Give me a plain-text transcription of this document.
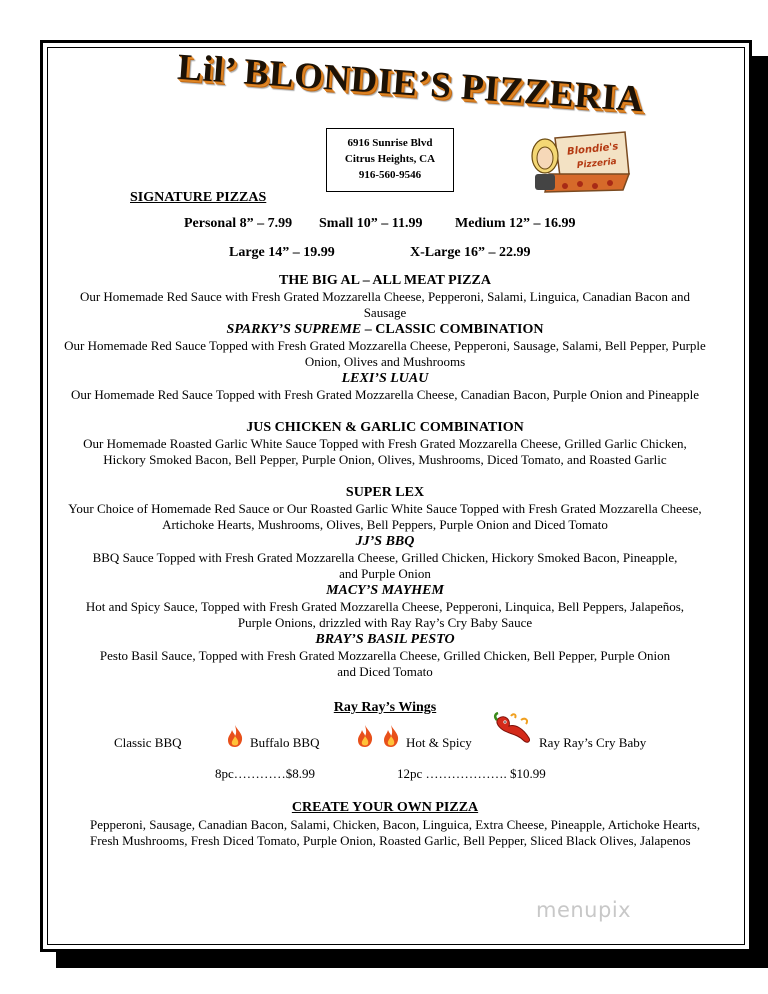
Lil’ BLONDIE’S PIZZERIA
6916 Sunrise Blvd
Citrus Heights, CA
916-560-9546
Blondie's
Pizzeria
SIGNATURE PIZZAS
Personal 8” – 7.99 Small 10” – 11.99 Medium 12” – 16.99
Large 14” – 19.99	X-Large 16” – 22.99
THE BIG AL – ALL MEAT PIZZA
Our Homemade Red Sauce with Fresh Grated Mozzarella Cheese, Pepperoni, Salami, Linguica, Canadian Bacon and Sausage
SPARKY’S SUPREME – CLASSIC COMBINATION
Our Homemade Red Sauce Topped with Fresh Grated Mozzarella Cheese, Pepperoni, Sausage, Salami, Bell Pepper, Purple Onion, Olives and Mushrooms
LEXI’S LUAU
Our Homemade Red Sauce Topped with Fresh Grated Mozzarella Cheese, Canadian Bacon, Purple Onion and Pineapple
JUS CHICKEN & GARLIC COMBINATION
Our Homemade Roasted Garlic White Sauce Topped with Fresh Grated Mozzarella Cheese, Grilled Garlic Chicken, Hickory Smoked Bacon, Bell Pepper, Purple Onion, Olives, Mushrooms, Diced Tomato, and Roasted Garlic
SUPER LEX
Your Choice of Homemade Red Sauce or Our Roasted Garlic White Sauce Topped with Fresh Grated Mozzarella Cheese, Artichoke Hearts, Mushrooms, Olives, Bell Peppers, Purple Onion and Diced Tomato
JJ’S BBQ
BBQ Sauce Topped with Fresh Grated Mozzarella Cheese, Grilled Chicken, Hickory Smoked Bacon, Pineapple, and Purple Onion
MACY’S MAYHEM
Hot and Spicy Sauce, Topped with Fresh Grated Mozzarella Cheese, Pepperoni, Linquica, Bell Peppers, Jalapeños, Purple Onions, drizzled with Ray Ray’s Cry Baby Sauce
BRAY’S BASIL PESTO
Pesto Basil Sauce, Topped with Fresh Grated Mozzarella Cheese, Grilled Chicken, Bell Pepper, Purple Onion and Diced Tomato
Ray Ray’s Wings
Classic BBQ	Buffalo BBQ	Hot & Spicy	Ray Ray’s Cry Baby
8pc…………$8.99	12pc ………………. $10.99
CREATE YOUR OWN PIZZA
Pepperoni, Sausage, Canadian Bacon, Salami, Chicken, Bacon, Linguica, Extra Cheese, Pineapple, Artichoke Hearts, Fresh Mushrooms, Fresh Diced Tomato, Purple Onion, Roasted Garlic, Bell Pepper, Sliced Black Olives, Jalapenos
menupix
